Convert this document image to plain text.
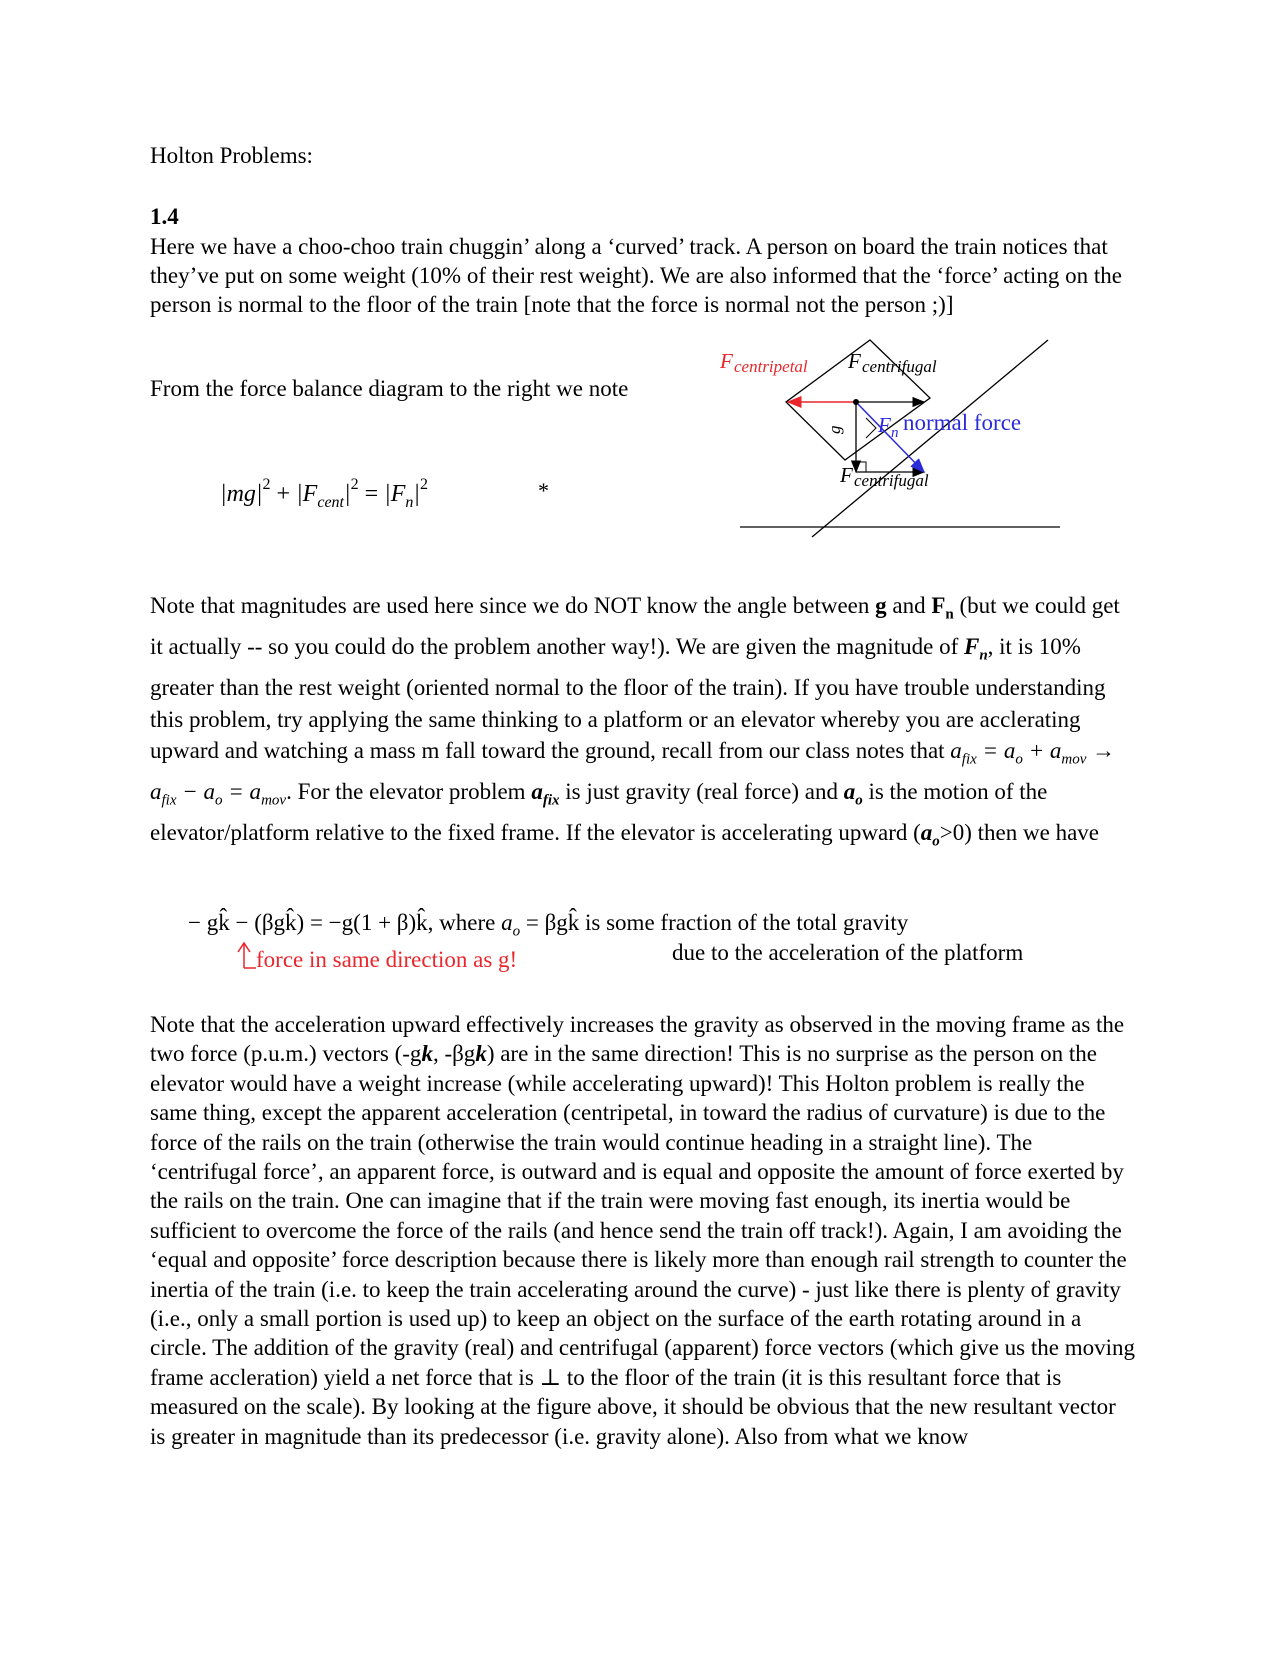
Holton Problems:
1.4
Here we have a choo-choo train chuggin’ along a ‘curved’ track. A person on board the train notices that they’ve put on some weight (10% of their rest weight). We are also informed that the ‘force’ acting on the person is normal to the floor of the train [note that the force is normal not the person ;)]
From the force balance diagram to the right we note
$|mg|^2 + |F_{cent}|^2 = |F_n|^2$	*
F centripetal F centrifugal
g F n normal force
F centrifugal
Note that magnitudes are used here since we do NOT know the angle between g and $F_n$ (but we could get it actually -- so you could do the problem another way!). We are given the magnitude of $F_n$, it is 10% greater than the rest weight (oriented normal to the floor of the train). If you have trouble understanding this problem, try applying the same thinking to a platform or an elevator whereby you are acclerating upward and watching a mass m fall toward the ground, recall from our class notes that $a_{fix} = a_o + a_{mov} \to a_{fix} - a_o = a_{mov}$. For the elevator problem $a_{fix}$ is just gravity (real force) and $a_o$ is the motion of the elevator/platform relative to the fixed frame. If the elevator is accelerating upward $(a_o>0)$ then we have
− gk̂ − (βgk̂) = −g(1 + β)k̂, where $a_o$ = βgk̂ is some fraction of the total gravity
due to the acceleration of the platform
force in same direction as g!
Note that the acceleration upward effectively increases the gravity as observed in the moving frame as the two force (p.u.m.) vectors (-gk, -βgk) are in the same direction! This is no surprise as the person on the elevator would have a weight increase (while accelerating upward)! This Holton problem is really the same thing, except the apparent acceleration (centripetal, in toward the radius of curvature) is due to the force of the rails on the train (otherwise the train would continue heading in a straight line). The ‘centrifugal force’, an apparent force, is outward and is equal and opposite the amount of force exerted by the rails on the train. One can imagine that if the train were moving fast enough, its inertia would be sufficient to overcome the force of the rails (and hence send the train off track!). Again, I am avoiding the ‘equal and opposite’ force description because there is likely more than enough rail strength to counter the inertia of the train (i.e. to keep the train accelerating around the curve) - just like there is plenty of gravity (i.e., only a small portion is used up) to keep an object on the surface of the earth rotating around in a circle. The addition of the gravity (real) and centrifugal (apparent) force vectors (which give us the moving frame accleration) yield a net force that is ⊥ to the floor of the train (it is this resultant force that is measured on the scale). By looking at the figure above, it should be obvious that the new resultant vector is greater in magnitude than its predecessor (i.e. gravity alone). Also from what we know
